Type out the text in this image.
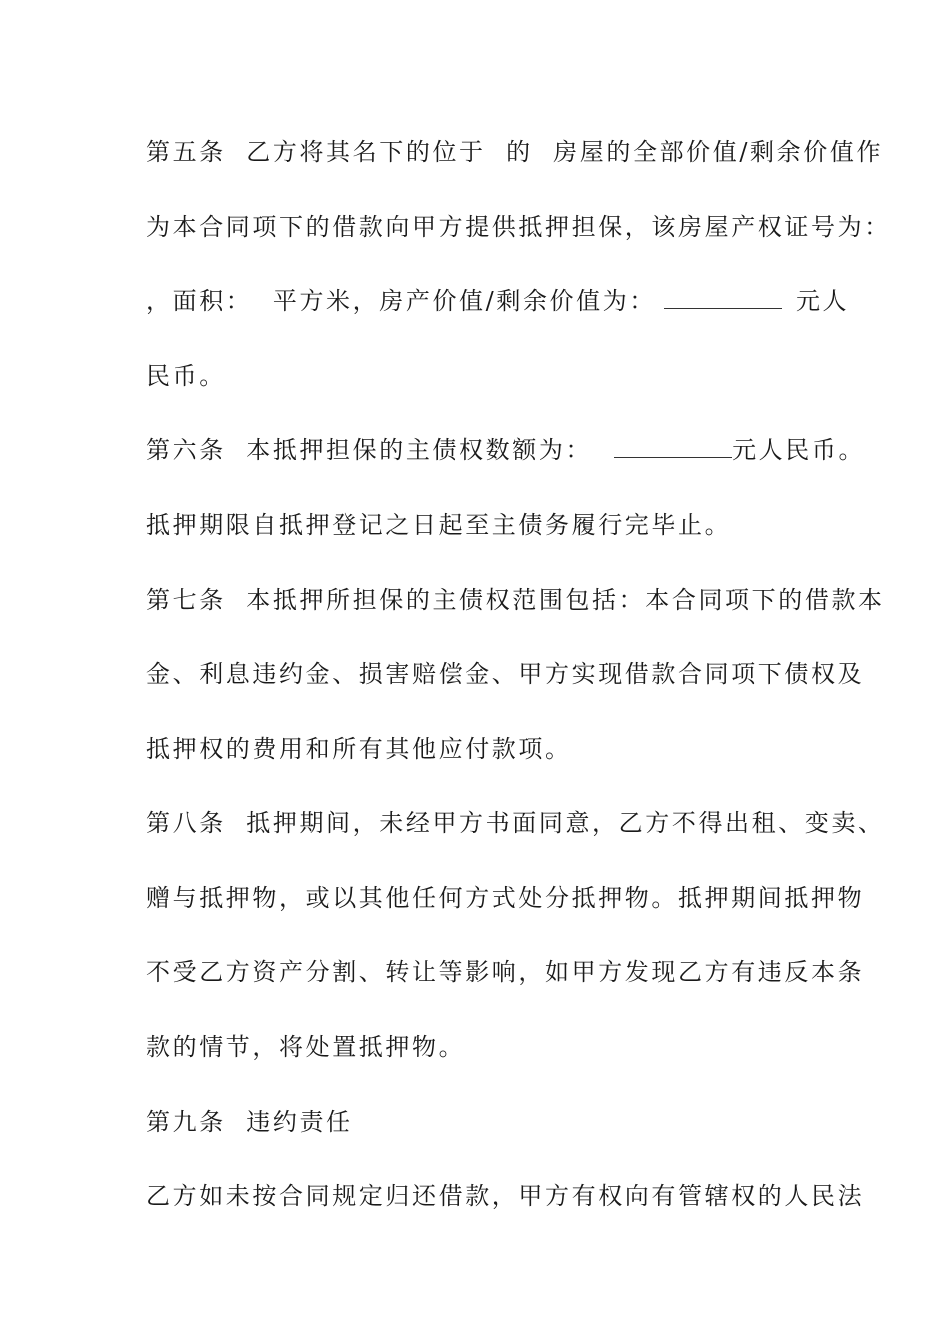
第五条  乙方将其名下的位于  的  房屋的全部价值/剩余价值作
为本合同项下的借款向甲方提供抵押担保，该房屋产权证号为：
，面积：  平方米，房产价值/剩余价值为：	元人
民币。
第六条  本抵押担保的主债权数额为：	元人民币。
抵押期限自抵押登记之日起至主债务履行完毕止。
第七条  本抵押所担保的主债权范围包括：本合同项下的借款本
金、利息违约金、损害赔偿金、甲方实现借款合同项下债权及
抵押权的费用和所有其他应付款项。
第八条  抵押期间，未经甲方书面同意，乙方不得出租、变卖、
赠与抵押物，或以其他任何方式处分抵押物。抵押期间抵押物
不受乙方资产分割、转让等影响，如甲方发现乙方有违反本条
款的情节，将处置抵押物。
第九条  违约责任
乙方如未按合同规定归还借款，甲方有权向有管辖权的人民法
